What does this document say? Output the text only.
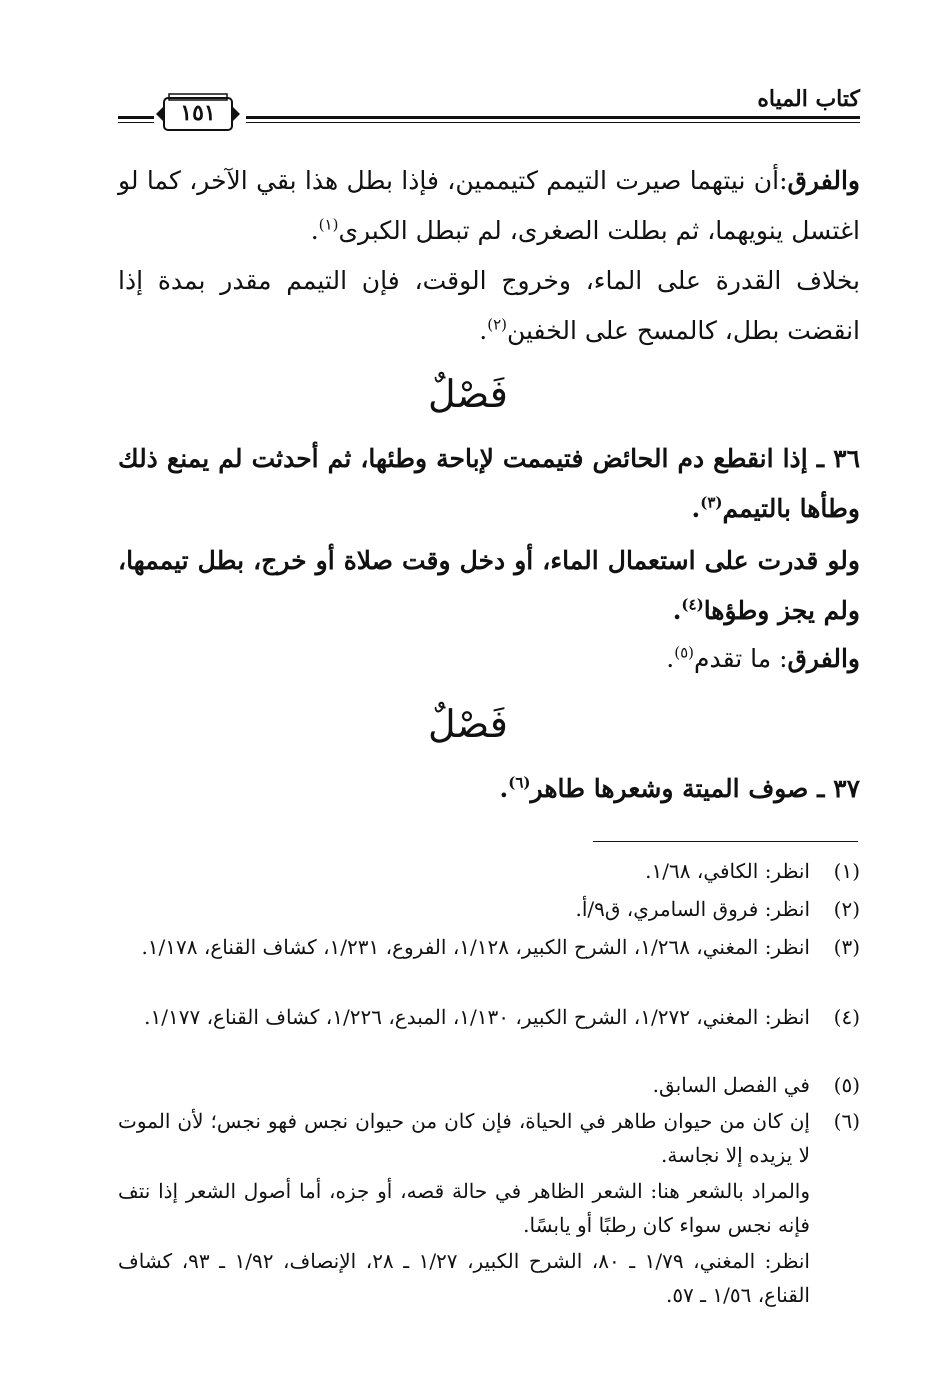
كتاب المياه
١٥١
والفرق:أن نيتهما صيرت التيمم كتيممين، فإذا بطل هذا بقي الآخر، كما لو اغتسل ينويهما، ثم بطلت الصغرى، لم تبطل الكبرى$^{(١)}$.
بخلاف القدرة على الماء، وخروج الوقت، فإن التيمم مقدر بمدة إذا انقضت بطل، كالمسح على الخفين$^{(٢)}$.
فَصْلٌ
٣٦ ـ إذا انقطع دم الحائض فتيممت لإباحة وطئها، ثم أحدثت لم يمنع ذلك وطأها بالتيمم$^{(٣)}$.
ولو قدرت على استعمال الماء، أو دخل وقت صلاة أو خرج، بطل تيممها، ولم يجز وطؤها$^{(٤)}$.
والفرق: ما تقدم$^{(٥)}$.
فَصْلٌ
٣٧ ـ صوف الميتة وشعرها طاهر$^{(٦)}$.
(١)
انظر: الكافي، ١/٦٨.
(٢)
انظر: فروق السامري، ق٩/أ.
(٣)
انظر: المغني، ١/٢٦٨، الشرح الكبير، ١/١٢٨، الفروع، ١/٢٣١، كشاف القناع، ١/١٧٨.
(٤)
انظر: المغني، ١/٢٧٢، الشرح الكبير، ١/١٣٠، المبدع، ١/٢٢٦، كشاف القناع، ١/١٧٧.
(٥)
في الفصل السابق.
(٦)
إن كان من حيوان طاهر في الحياة، فإن كان من حيوان نجس فهو نجس؛ لأن الموت لا يزيده إلا نجاسة.
والمراد بالشعر هنا: الشعر الظاهر في حالة قصه، أو جزه، أما أصول الشعر إذا نتف فإنه نجس سواء كان رطبًا أو يابسًا.
انظر: المغني، ١/٧٩ ـ ٨٠، الشرح الكبير، ١/٢٧ ـ ٢٨، الإنصاف، ١/٩٢ ـ ٩٣، كشاف القناع، ١/٥٦ ـ ٥٧.
